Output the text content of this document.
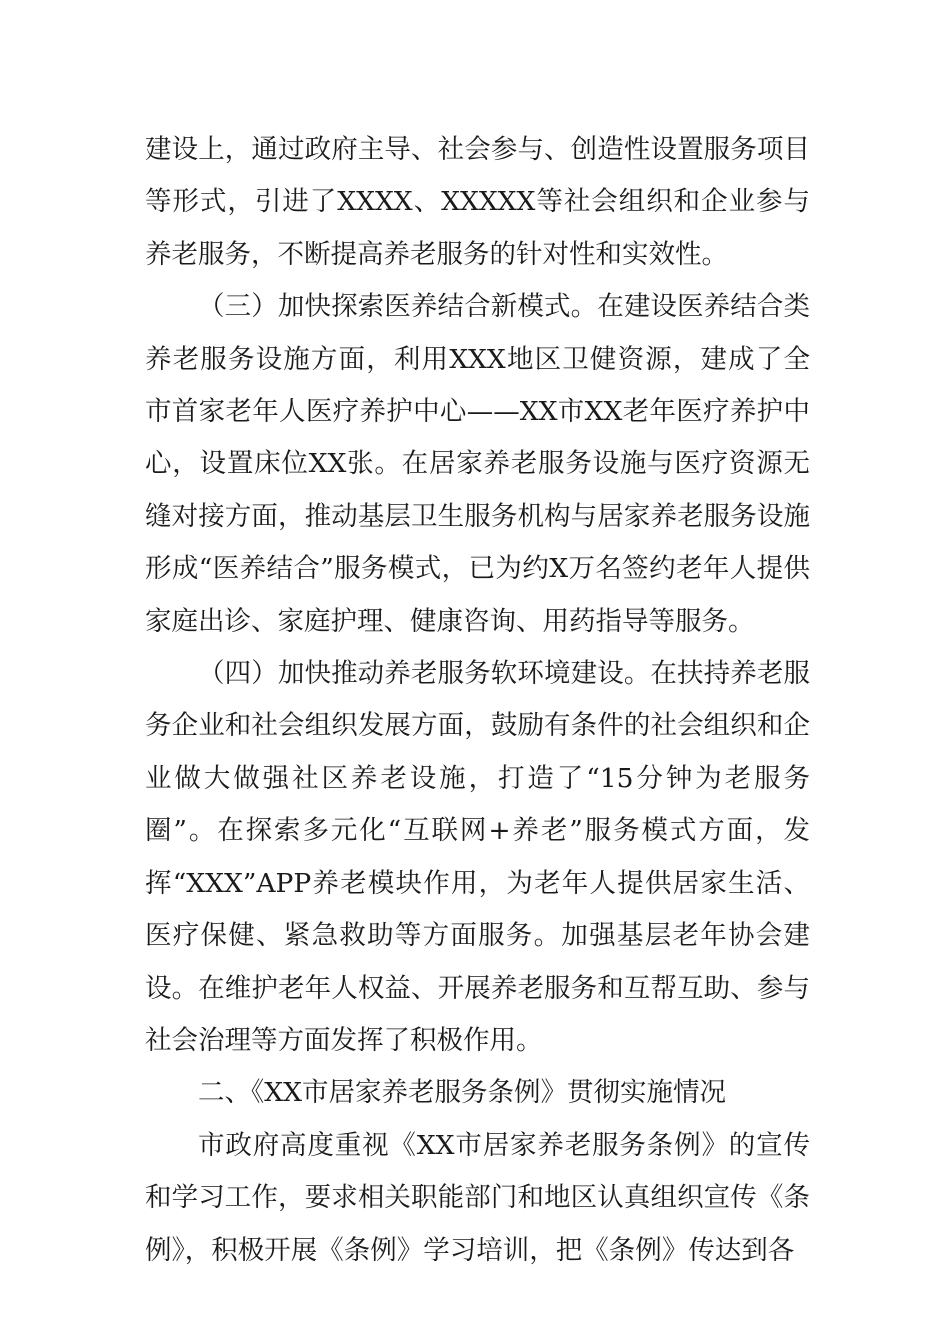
建设上，通过政府主导、社会参与、创造性设置服务项目等形式，引进了XXXX、XXXXX等社会组织和企业参与养老服务，不断提高养老服务的针对性和实效性。

（三）加快探索医养结合新模式。在建设医养结合类养老服务设施方面，利用XXX地区卫健资源，建成了全市首家老年人医疗养护中心——XX市XX老年医疗养护中心，设置床位XX张。在居家养老服务设施与医疗资源无缝对接方面，推动基层卫生服务机构与居家养老服务设施形成“医养结合”服务模式，已为约X万名签约老年人提供家庭出诊、家庭护理、健康咨询、用药指导等服务。

（四）加快推动养老服务软环境建设。在扶持养老服务企业和社会组织发展方面，鼓励有条件的社会组织和企业做大做强社区养老设施，打造了“15分钟为老服务圈”。在探索多元化“互联网+养老”服务模式方面，发挥“XXX”APP养老模块作用，为老年人提供居家生活、医疗保健、紧急救助等方面服务。加强基层老年协会建设。在维护老年人权益、开展养老服务和互帮互助、参与社会治理等方面发挥了积极作用。

二、《XX市居家养老服务条例》贯彻实施情况

市政府高度重视《XX市居家养老服务条例》的宣传和学习工作，要求相关职能部门和地区认真组织宣传《条例》，积极开展《条例》学习培训，把《条例》传达到各
